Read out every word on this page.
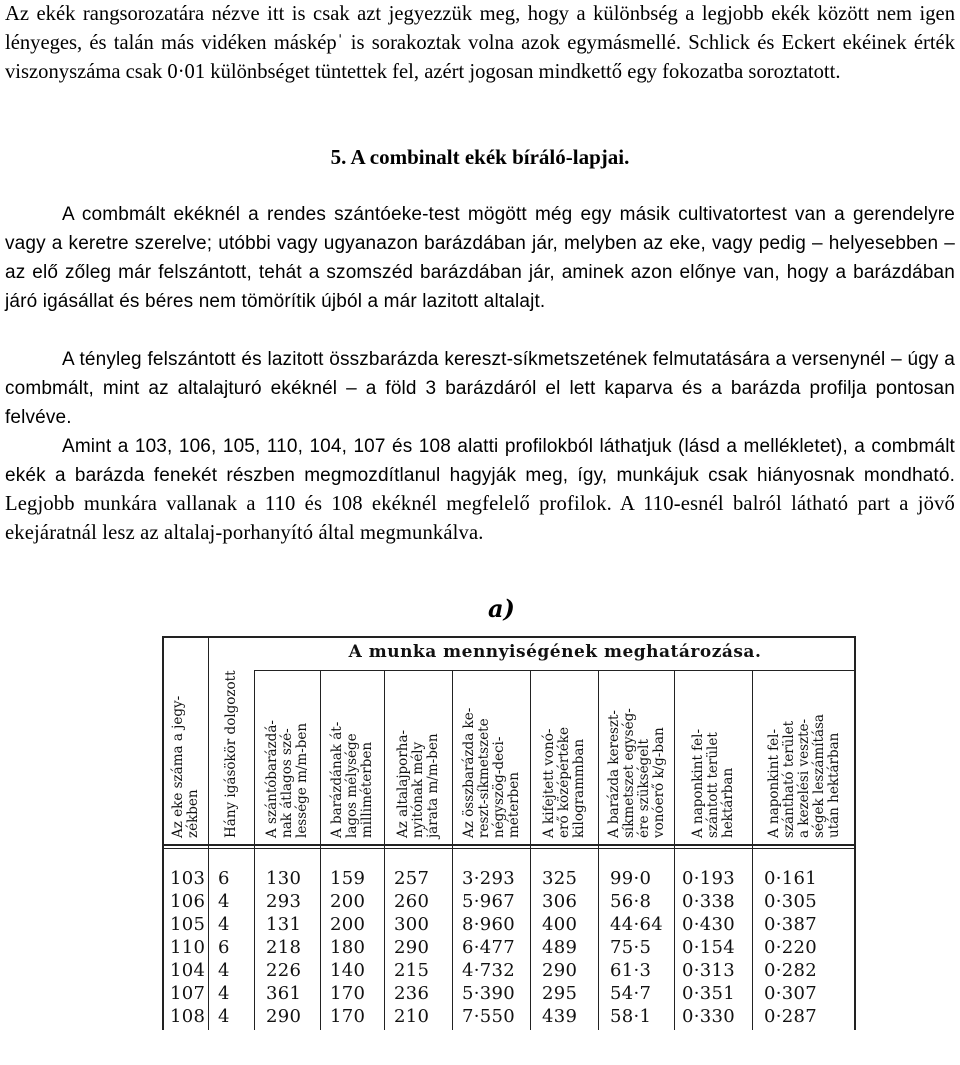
Az ekék rangsorozatára nézve itt is csak azt jegyezzük meg, hogy a különbség a legjobb ekék között nem igen lényeges, és talán más vidéken másképˈ is sorakoztak volna azok egymásmellé. Schlick és Eckert ekéinek érték viszonyszáma csak 0·01 különbséget tüntettek fel, azért jogosan mindkettő egy fokozatba soroztatott.

5. A combinalt ekék bíráló-lapjai.

A combmált ekéknél a rendes szántóeke-test mögött még egy másik cultivatortest van a gerendelyre vagy a keretre szerelve; utóbbi vagy ugyanazon barázdában jár, melyben az eke, vagy pedig – helyesebben – az elő zőleg már felszántott, tehát a szomszéd barázdában jár, aminek azon előnye van, hogy a barázdában járó igásállat és béres nem tömörítik újból a már lazitott altalajt.

A tényleg felszántott és lazitott összbarázda kereszt-síkmetszetének felmutatására a versenynél – úgy a combmált, mint az altalajturó ekéknél – a föld 3 barázdáról el lett kaparva és a barázda profilja pontosan felvéve.

Amint a 103, 106, 105, 110, 104, 107 és 108 alatti profilokból láthatjuk (lásd a mellékletet), a combmált ekék a barázda fenekét részben megmozdítlanul hagyják meg, így, munkájuk csak hiányosnak mondható. Legjobb munkára vallanak a 110 és 108 ekéknél megfelelő profilok. A 110-esnél balról látható part a jövő ekejáratnál lesz az altalaj-porhanyító által megmunkálva.

a)
A munka mennyiségének meghatározása.
Az eke száma a jegy- zékben Hány igásökör dolgozott A szántóbarázdá- nak átlagos szé- lessége m/m-ben A barázdának át- lagos mélysége milliméterben Az altalajporha- nyitónak mély járata m/m-ben Az összbarázda ke- reszt-síkmetszete négyszög-deci- méterben A kifejtett vonó- erő középértéke kilogrammban A barázda kereszt- síkmetszet egység- ére szükségelt vonóerő k/g-ban A naponkint fel- szántott terület hektárban A naponkint fel- szántható terület a kezelési veszte- ségek leszámítása után hektárban
103 6 130 159 257 3·293 325 99·0 0·193 0·161
106 4 293 200 260 5·967 306 56·8 0·338 0·305
105 4 131 200 300 8·960 400 44·64 0·430 0·387
110 6 218 180 290 6·477 489 75·5 0·154 0·220
104 4 226 140 215 4·732 290 61·3 0·313 0·282
107 4 361 170 236 5·390 295 54·7 0·351 0·307
108 4 290 170 210 7·550 439 58·1 0·330 0·287
